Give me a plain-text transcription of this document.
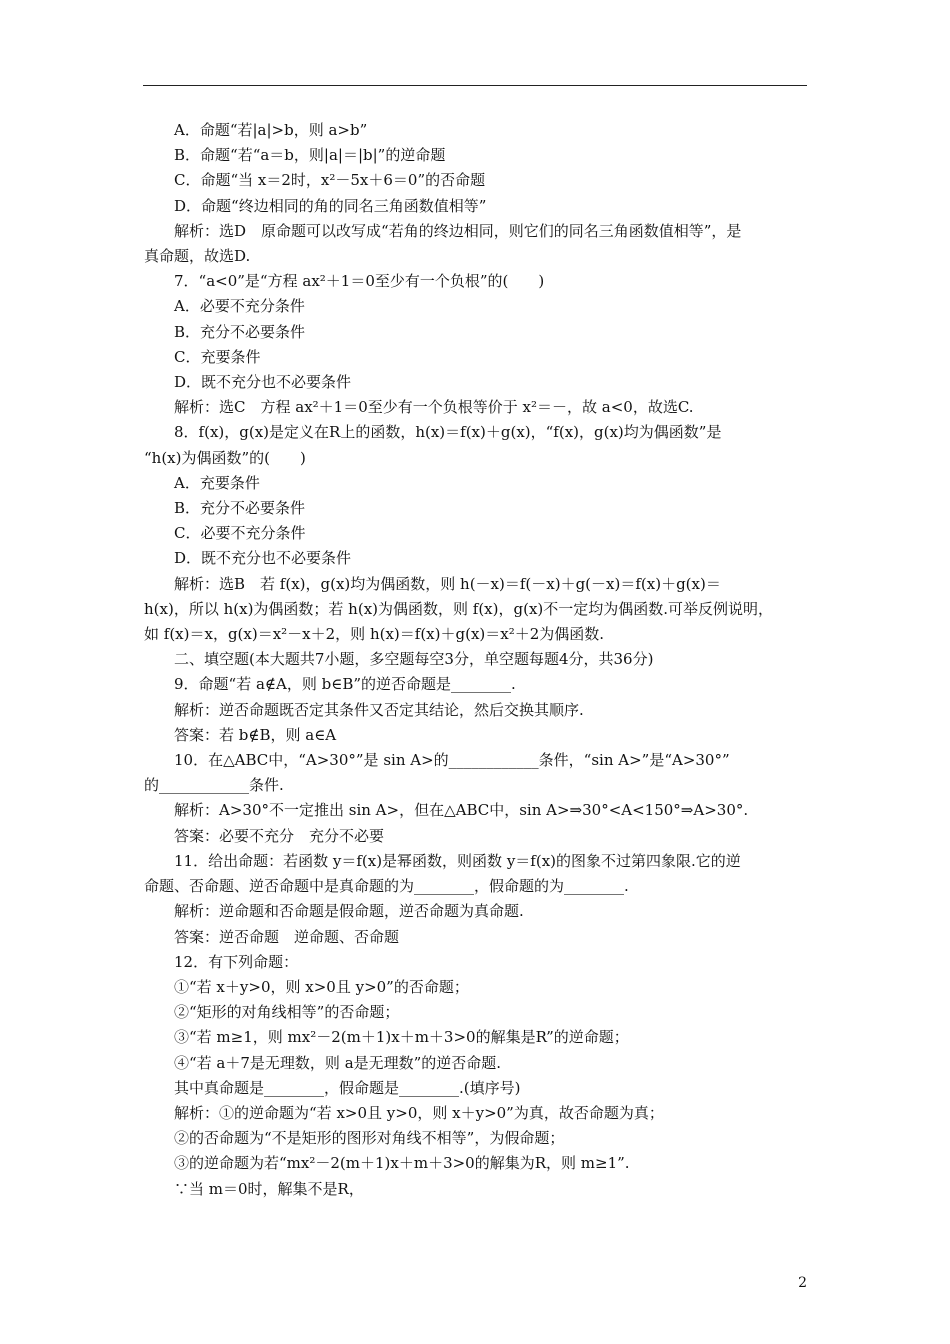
A．命题“若|a|>b，则 a>b”

B．命题“若“a＝b，则|a|＝|b|”的逆命题

C．命题“当 x＝2时，x²－5x＋6＝0”的否命题

D．命题“终边相同的角的同名三角函数值相等”

解析：选D　原命题可以改写成“若角的终边相同，则它们的同名三角函数值相等”，是

真命题，故选D.

7．“a<0”是“方程 ax²＋1＝0至少有一个负根”的(　　)

A．必要不充分条件

B．充分不必要条件

C．充要条件

D．既不充分也不必要条件

解析：选C　方程 ax²＋1＝0至少有一个负根等价于 x²＝－，故 a<0，故选C.

8．f(x)，g(x)是定义在R上的函数，h(x)＝f(x)＋g(x)，“f(x)，g(x)均为偶函数”是

“h(x)为偶函数”的(　　)

A．充要条件

B．充分不必要条件

C．必要不充分条件

D．既不充分也不必要条件

解析：选B　若 f(x)，g(x)均为偶函数，则 h(－x)＝f(－x)＋g(－x)＝f(x)＋g(x)＝

h(x)，所以 h(x)为偶函数；若 h(x)为偶函数，则 f(x)，g(x)不一定均为偶函数.可举反例说明，

如 f(x)＝x，g(x)＝x²－x＋2，则 h(x)＝f(x)＋g(x)＝x²＋2为偶函数.

二、填空题(本大题共7小题，多空题每空3分，单空题每题4分，共36分)

9．命题“若 a∉A，则 b∈B”的逆否命题是________.

解析：逆否命题既否定其条件又否定其结论，然后交换其顺序.

答案：若 b∉B，则 a∈A

10．在△ABC中，“A>30°”是 sin A>的____________条件，“sin A>”是“A>30°”

的____________条件.

解析：A>30°不一定推出 sin A>，但在△ABC中，sin A>⇒30°<A<150°⇒A>30°.

答案：必要不充分　充分不必要

11．给出命题：若函数 y＝f(x)是幂函数，则函数 y＝f(x)的图象不过第四象限.它的逆

命题、否命题、逆否命题中是真命题的为________，假命题的为________.

解析：逆命题和否命题是假命题，逆否命题为真命题.

答案：逆否命题　逆命题、否命题

12．有下列命题：

①“若 x＋y>0，则 x>0且 y>0”的否命题；

②“矩形的对角线相等”的否命题；

③“若 m≥1，则 mx²－2(m＋1)x＋m＋3>0的解集是R”的逆命题；

④“若 a＋7是无理数，则 a是无理数”的逆否命题.

其中真命题是________，假命题是________.(填序号)

解析：①的逆命题为“若 x>0且 y>0，则 x＋y>0”为真，故否命题为真；

②的否命题为“不是矩形的图形对角线不相等”，为假命题；

③的逆命题为若“mx²－2(m＋1)x＋m＋3>0的解集为R，则 m≥1”.

∵当 m＝0时，解集不是R，

2
